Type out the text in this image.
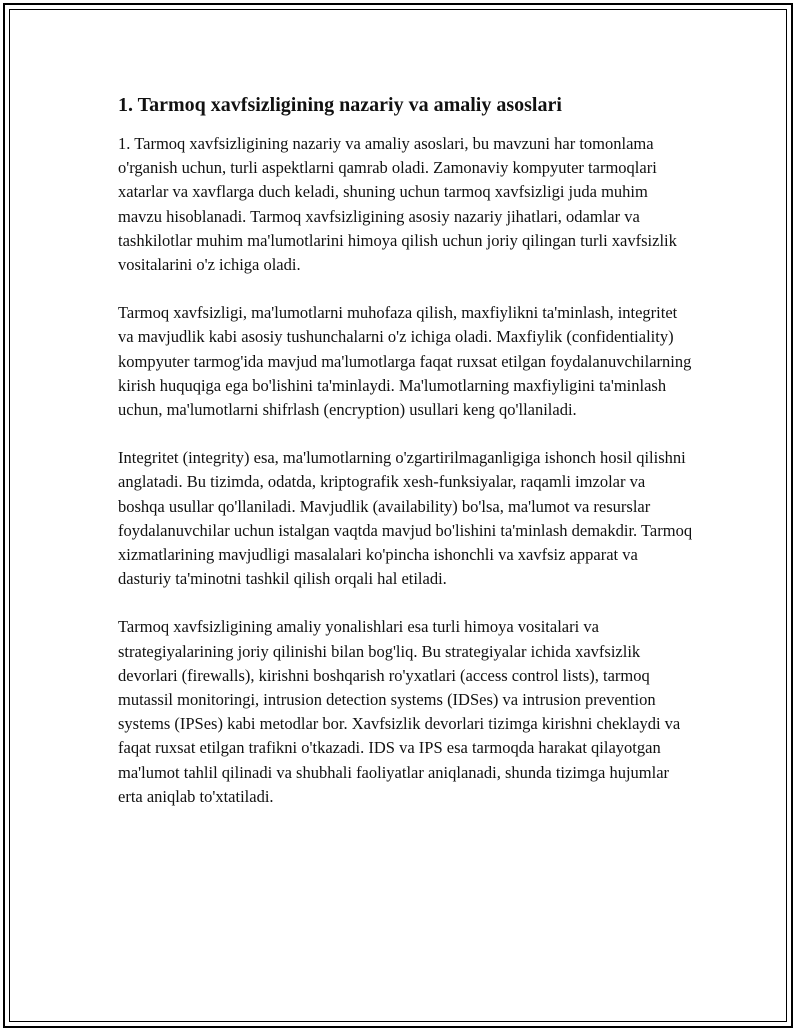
1. Tarmoq xavfsizligining nazariy va amaliy asoslari

1. Tarmoq xavfsizligining nazariy va amaliy asoslari, bu mavzuni har tomonlama o'rganish uchun, turli aspektlarni qamrab oladi. Zamonaviy kompyuter tarmoqlari xatarlar va xavflarga duch keladi, shuning uchun tarmoq xavfsizligi juda muhim mavzu hisoblanadi. Tarmoq xavfsizligining asosiy nazariy jihatlari, odamlar va tashkilotlar muhim ma'lumotlarini himoya qilish uchun joriy qilingan turli xavfsizlik vositalarini o'z ichiga oladi.

Tarmoq xavfsizligi, ma'lumotlarni muhofaza qilish, maxfiylikni ta'minlash, integritet va mavjudlik kabi asosiy tushunchalarni o'z ichiga oladi. Maxfiylik (confidentiality) kompyuter tarmog'ida mavjud ma'lumotlarga faqat ruxsat etilgan foydalanuvchilarning kirish huquqiga ega bo'lishini ta'minlaydi. Ma'lumotlarning maxfiyligini ta'minlash uchun, ma'lumotlarni shifrlash (encryption) usullari keng qo'llaniladi.

Integritet (integrity) esa, ma'lumotlarning o'zgartirilmaganligiga ishonch hosil qilishni anglatadi. Bu tizimda, odatda, kriptografik xesh-funksiyalar, raqamli imzolar va boshqa usullar qo'llaniladi. Mavjudlik (availability) bo'lsa, ma'lumot va resurslar foydalanuvchilar uchun istalgan vaqtda mavjud bo'lishini ta'minlash demakdir. Tarmoq xizmatlarining mavjudligi masalalari ko'pincha ishonchli va xavfsiz apparat va dasturiy ta'minotni tashkil qilish orqali hal etiladi.

Tarmoq xavfsizligining amaliy yonalishlari esa turli himoya vositalari va strategiyalarining joriy qilinishi bilan bog'liq. Bu strategiyalar ichida xavfsizlik devorlari (firewalls), kirishni boshqarish ro'yxatlari (access control lists), tarmoq mutassil monitoringi, intrusion detection systems (IDSes) va intrusion prevention systems (IPSes) kabi metodlar bor. Xavfsizlik devorlari tizimga kirishni cheklaydi va faqat ruxsat etilgan trafikni o'tkazadi. IDS va IPS esa tarmoqda harakat qilayotgan ma'lumot tahlil qilinadi va shubhali faoliyatlar aniqlanadi, shunda tizimga hujumlar erta aniqlab to'xtatiladi.
